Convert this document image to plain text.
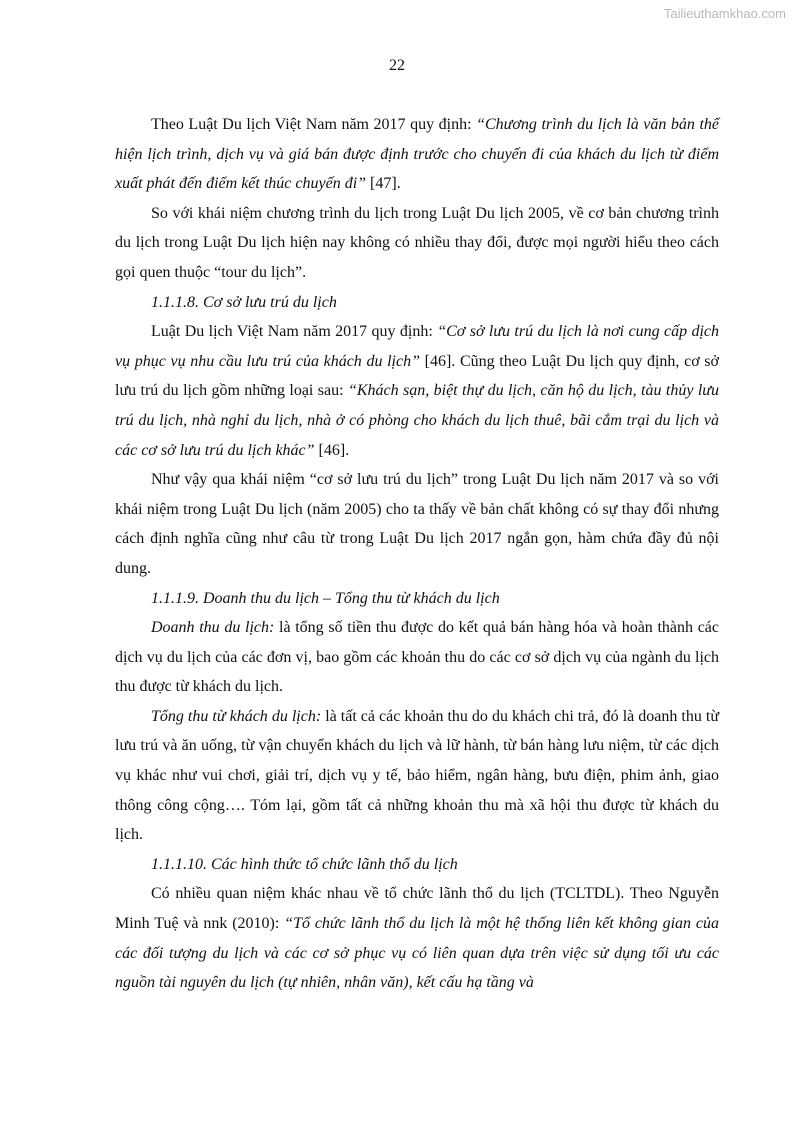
Tailieuthamkhao.com
22

Theo Luật Du lịch Việt Nam năm 2017 quy định: “Chương trình du lịch là văn bản thể hiện lịch trình, dịch vụ và giá bán được định trước cho chuyến đi của khách du lịch từ điểm xuất phát đến điểm kết thúc chuyến đi” [47].

So với khái niệm chương trình du lịch trong Luật Du lịch 2005, về cơ bản chương trình du lịch trong Luật Du lịch hiện nay không có nhiều thay đổi, được mọi người hiểu theo cách gọi quen thuộc “tour du lịch”.

1.1.1.8. Cơ sở lưu trú du lịch

Luật Du lịch Việt Nam năm 2017 quy định: “Cơ sở lưu trú du lịch là nơi cung cấp dịch vụ phục vụ nhu cầu lưu trú của khách du lịch” [46]. Cũng theo Luật Du lịch quy định, cơ sở lưu trú du lịch gồm những loại sau: “Khách sạn, biệt thự du lịch, căn hộ du lịch, tàu thủy lưu trú du lịch, nhà nghỉ du lịch, nhà ở có phòng cho khách du lịch thuê, bãi cắm trại du lịch và các cơ sở lưu trú du lịch khác” [46].

Như vậy qua khái niệm “cơ sở lưu trú du lịch” trong Luật Du lịch năm 2017 và so với khái niệm trong Luật Du lịch (năm 2005) cho ta thấy về bản chất không có sự thay đổi nhưng cách định nghĩa cũng như câu từ trong Luật Du lịch 2017 ngắn gọn, hàm chứa đầy đủ nội dung.

1.1.1.9. Doanh thu du lịch – Tổng thu từ khách du lịch

Doanh thu du lịch: là tổng số tiền thu được do kết quả bán hàng hóa và hoàn thành các dịch vụ du lịch của các đơn vị, bao gồm các khoản thu do các cơ sở dịch vụ của ngành du lịch thu được từ khách du lịch.

Tổng thu từ khách du lịch: là tất cả các khoản thu do du khách chi trả, đó là doanh thu từ lưu trú và ăn uống, từ vận chuyển khách du lịch và lữ hành, từ bán hàng lưu niệm, từ các dịch vụ khác như vui chơi, giải trí, dịch vụ y tế, bảo hiểm, ngân hàng, bưu điện, phim ảnh, giao thông công cộng…. Tóm lại, gồm tất cả những khoản thu mà xã hội thu được từ khách du lịch.

1.1.1.10. Các hình thức tổ chức lãnh thổ du lịch

Có nhiều quan niệm khác nhau về tổ chức lãnh thổ du lịch (TCLTDL). Theo Nguyễn Minh Tuệ và nnk (2010): “Tổ chức lãnh thổ du lịch là một hệ thống liên kết không gian của các đối tượng du lịch và các cơ sở phục vụ có liên quan dựa trên việc sử dụng tối ưu các nguồn tài nguyên du lịch (tự nhiên, nhân văn), kết cấu hạ tầng và
